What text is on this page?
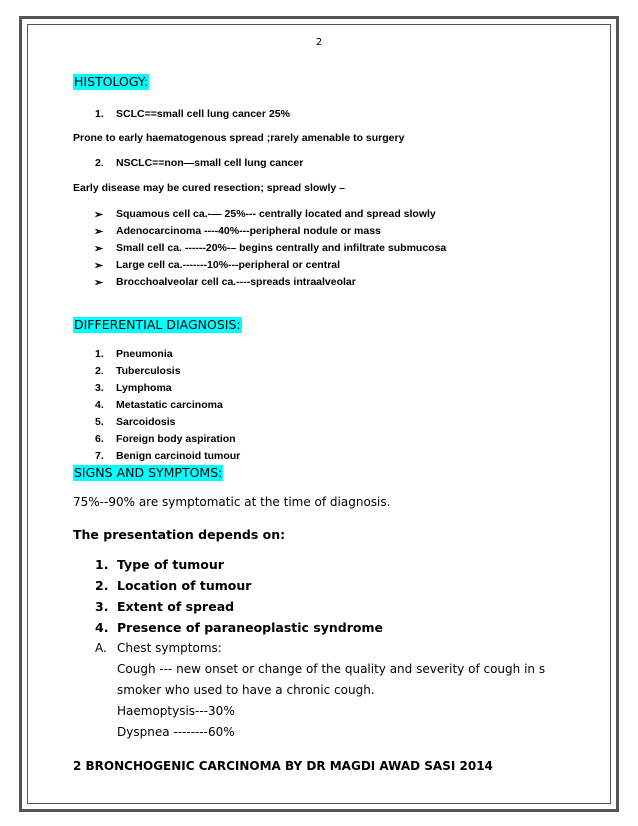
2
HISTOLOGY:
1. SCLC==small cell lung cancer 25%
Prone to early haematogenous spread ;rarely amenable to surgery
2. NSCLC==non—small cell lung cancer
Early disease may be cured resection; spread slowly –
➢ Squamous cell ca.-— 25%--- centrally located and spread slowly
➢ Adenocarcinoma ----40%---peripheral nodule or mass
➢ Small cell ca. ------20%-– begins centrally and infiltrate submucosa
➢ Large cell ca.-------10%---peripheral or central
➢ Brocchoalveolar cell ca.----spreads intraalveolar
DIFFERENTIAL DIAGNOSIS:
1. Pneumonia
2. Tuberculosis
3. Lymphoma
4. Metastatic carcinoma
5. Sarcoidosis
6. Foreign body aspiration
7. Benign carcinoid tumour
SIGNS AND SYMPTOMS:
75%--90% are symptomatic at the time of diagnosis.
The presentation depends on:
1. Type of tumour
2. Location of tumour
3. Extent of spread
4. Presence of paraneoplastic syndrome
A. Chest symptoms:
Cough --- new onset or change of the quality and severity of cough in s
smoker who used to have a chronic cough.
Haemoptysis---30%
Dyspnea --------60%
2 BRONCHOGENIC CARCINOMA BY DR MAGDI AWAD SASI 2014
